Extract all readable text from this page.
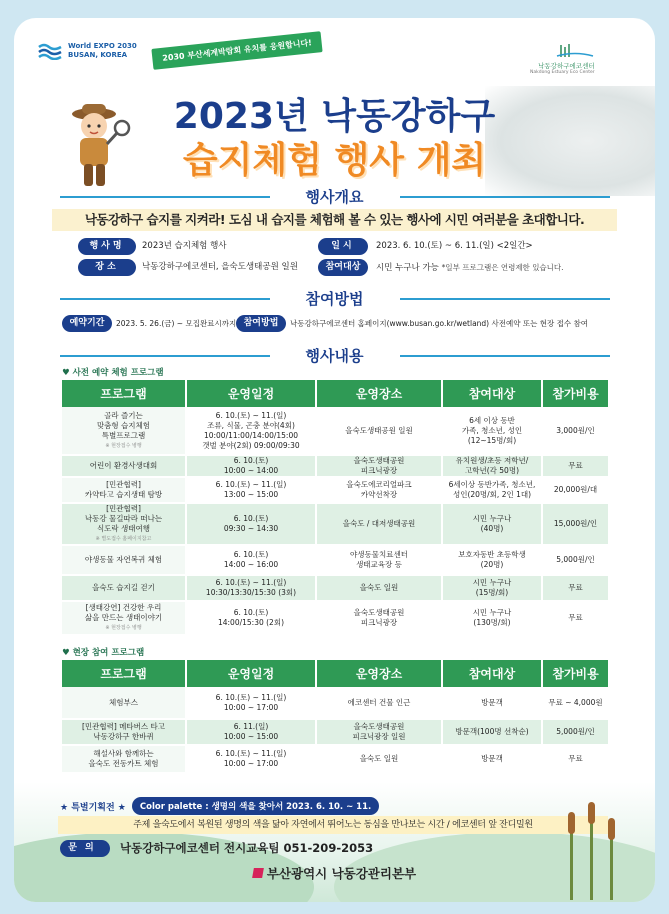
World EXPO 2030
BUSAN, KOREA	2030 부산세계박람회 유치를 응원합니다!
낙동강하구에코센터
Nakdong Estuary Eco Center
2023년 낙동강하구
습지체험 행사 개최
행사개요
낙동강하구 습지를 지켜라! 도심 내 습지를 체험해 볼 수 있는 행사에 시민 여러분을 초대합니다.
행사명	2023년 습지체험 행사	일시	2023. 6. 10.(토) ~ 6. 11.(일) <2일간>
장소	낙동강하구에코센터, 을숙도생태공원 일원	참여대상	시민 누구나 가능 *일부 프로그램은 연령제한 있습니다.
참여방법
예약기간	2023. 5. 26.(금) ~ 모집완료시까지 참여방법	낙동강하구에코센터 홈페이지(www.busan.go.kr/wetland) 사전예약 또는 현장 접수 참여
행사내용
♥ 사전 예약 체험 프로그램
프로그램	운영일정	운영장소	참여대상	참가비용
골라 즐기는
맞춤형 습지체험
특별프로그램
※ 현장접수 병행	6. 10.(토) ~ 11.(일)
조류, 식물, 곤충 분야(4회)
10:00/11:00/14:00/15:00
갯벌 분야(2회) 09:00/09:30	을숙도생태공원 일원	6세 이상 동반
가족, 청소년, 성인
(12~15명/회)	3,000원/인
어린이 환경사생대회	6. 10.(토)
10:00 ~ 14:00	을숙도생태공원
피크닉광장	유치원생/초등 저학년/
고학년(각 50명)	무료
[민관협력]
카약타고 습지생태 탐방	6. 10.(토) ~ 11.(일)
13:00 ~ 15:00	을숙도에코리얼파크
카약선착장	6세이상 동반가족, 청소년,
성인(20명/회, 2인 1대)	20,000원/대
[민관협력]
낙동강 물길따라 떠나는
식도락 생태여행
※ 별도접수 홈페이지참고	6. 10.(토)
09:30 ~ 14:30	을숙도 / 대저생태공원	시민 누구나
(40명)	15,000원/인
야생동물 자연복귀 체험	6. 10.(토)
14:00 ~ 16:00	야생동물치료센터
생태교육장 등	보호자동반 초등학생
(20명)	5,000원/인
을숙도 습지길 걷기	6. 10.(토) ~ 11.(일)
10:30/13:30/15:30 (3회)	을숙도 일원	시민 누구나
(15명/회)	무료
[생태강연] 건강한 우리
삶을 만드는 생태이야기
※ 현장접수 병행	6. 10.(토)
14:00/15:30 (2회)	을숙도생태공원
피크닉광장	시민 누구나
(130명/회)	무료
♥ 현장 참여 프로그램
프로그램	운영일정	운영장소	참여대상	참가비용
체험부스	6. 10.(토) ~ 11.(일)
10:00 ~ 17:00	에코센터 건물 인근	방문객	무료 ~ 4,000원
[민관협력] 메타버스 타고
낙동강하구 한바퀴	6. 11.(일)
10:00 ~ 15:00	을숙도생태공원
피크닉광장 일원	방문객(100명 선착순)	5,000원/인
해설사와 함께하는
을숙도 전동카트 체험	6. 10.(토) ~ 11.(일)
10:00 ~ 17:00	을숙도 일원	방문객	무료
★ 특별기획전 ★	Color palette : 생명의 색을 찾아서 2023. 6. 10. ~ 11.
주제 을숙도에서 복원된 생명의 색을 닮아 자연에서 뛰어노는 동심을 만나보는 시간 / 에코센터 앞 잔디밀원
문의	낙동강하구에코센터 전시교육팀 051-209-2053
부산광역시 낙동강관리본부
